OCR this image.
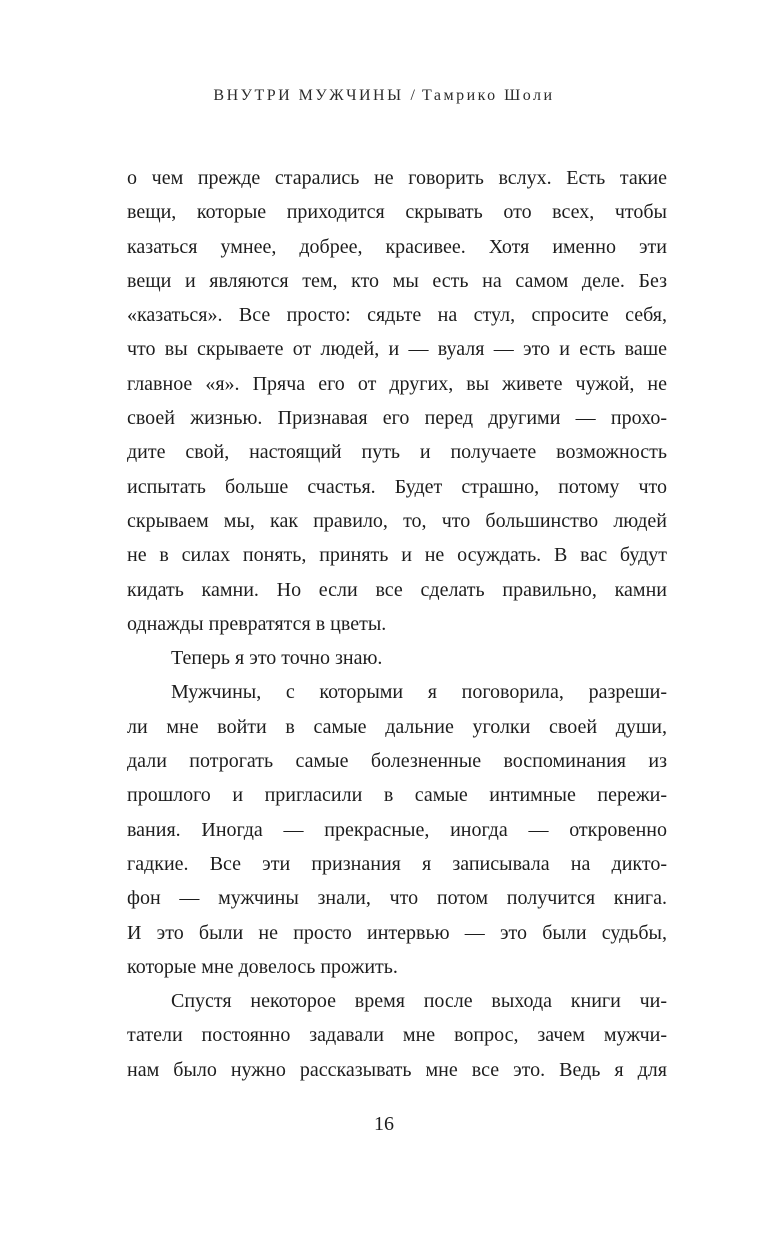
ВНУТРИ МУЖЧИНЫ / Тамрико Шоли
о чем прежде старались не говорить вслух. Есть такие
вещи, которые приходится скрывать ото всех, чтобы
казаться умнее, добрее, красивее. Хотя именно эти
вещи и являются тем, кто мы есть на самом деле. Без
«казаться». Все просто: сядьте на стул, спросите себя,
что вы скрываете от людей, и — вуаля — это и есть ваше
главное «я». Пряча его от других, вы живете чужой, не
своей жизнью. Признавая его перед другими — прохо-
дите свой, настоящий путь и получаете возможность
испытать больше счастья. Будет страшно, потому что
скрываем мы, как правило, то, что большинство людей
не в силах понять, принять и не осуждать. В вас будут
кидать камни. Но если все сделать правильно, камни
однажды превратятся в цветы.
Теперь я это точно знаю.
Мужчины, с которыми я поговорила, разреши-
ли мне войти в самые дальние уголки своей души,
дали потрогать самые болезненные воспоминания из
прошлого и пригласили в самые интимные пережи-
вания. Иногда — прекрасные, иногда — откровенно
гадкие. Все эти признания я записывала на дикто-
фон — мужчины знали, что потом получится книга.
И это были не просто интервью — это были судьбы,
которые мне довелось прожить.
Спустя некоторое время после выхода книги чи-
татели постоянно задавали мне вопрос, зачем мужчи-
нам было нужно рассказывать мне все это. Ведь я для
16
